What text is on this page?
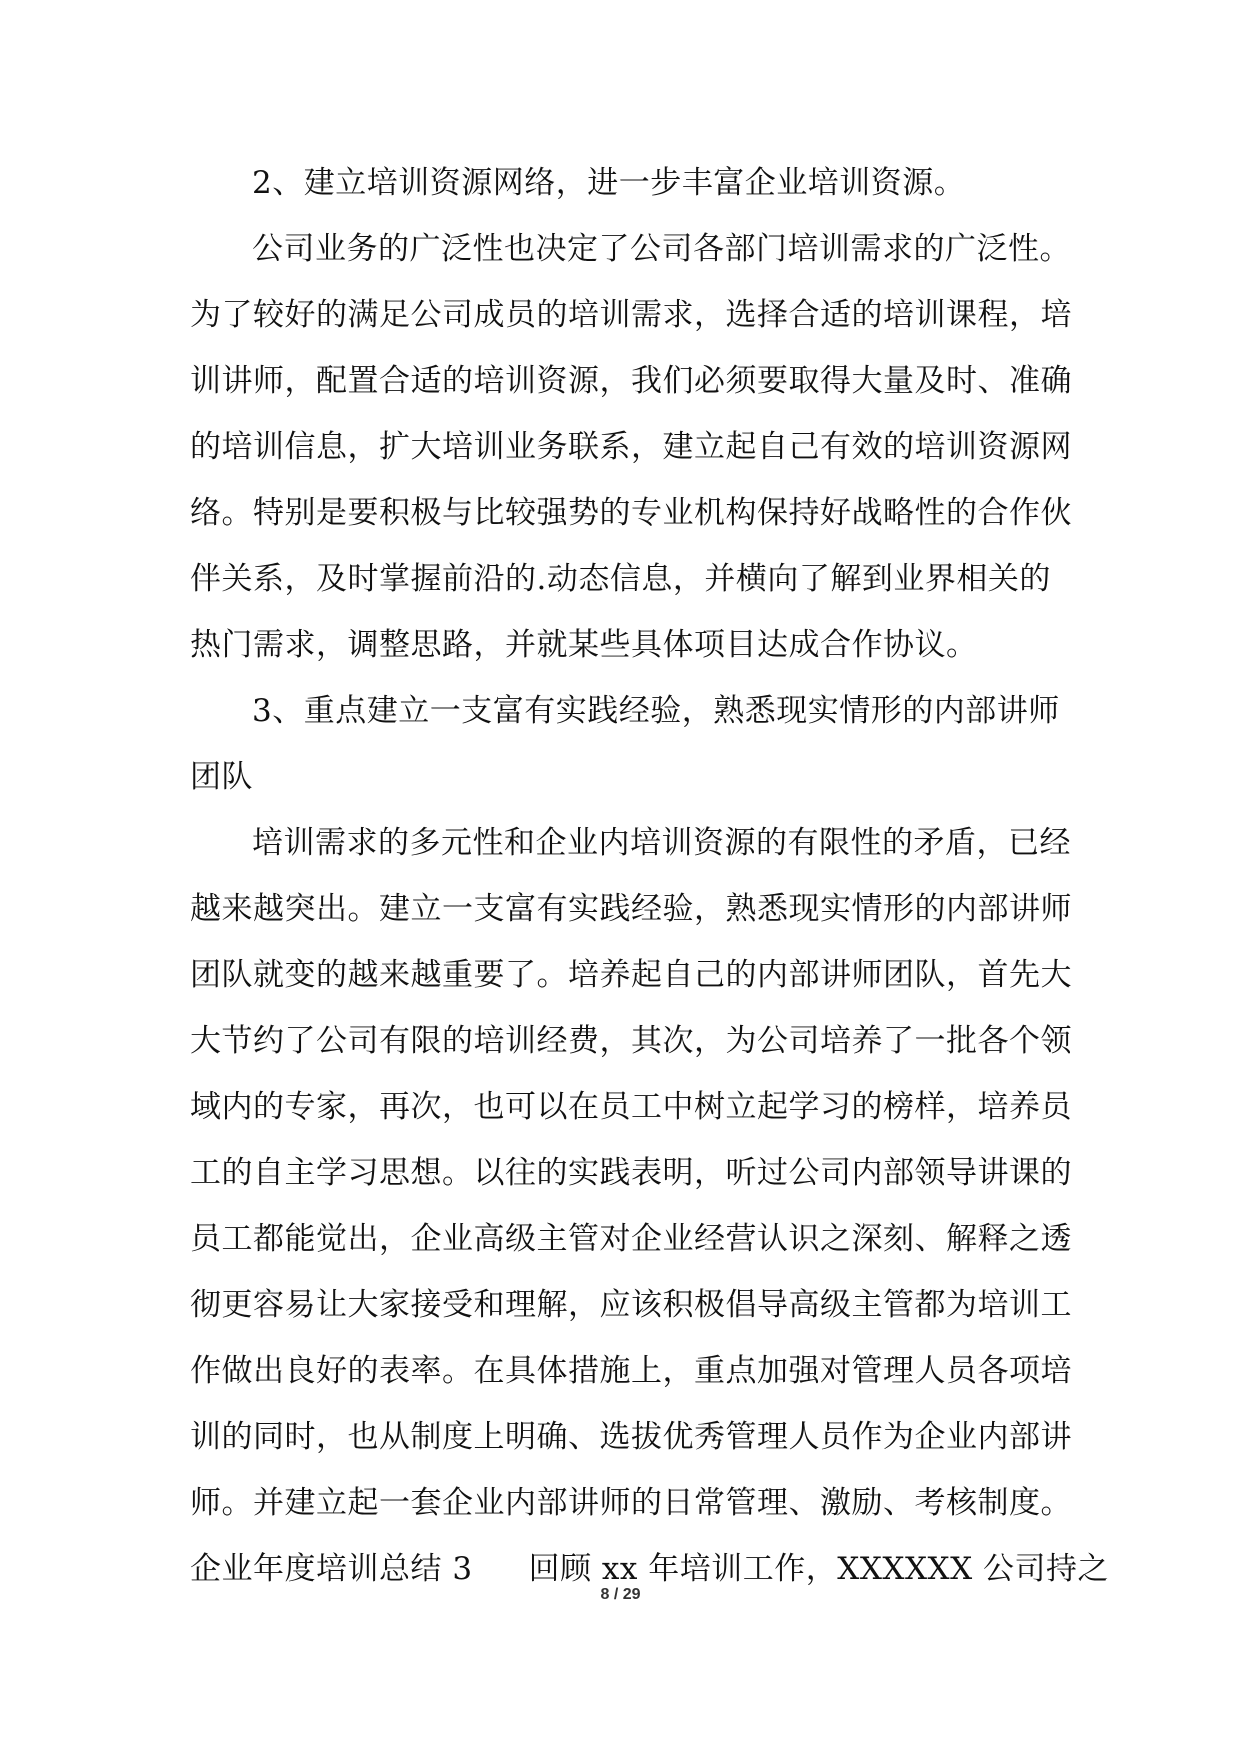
2、建立培训资源网络，进一步丰富企业培训资源。
公司业务的广泛性也决定了公司各部门培训需求的广泛性。
为了较好的满足公司成员的培训需求，选择合适的培训课程，培
训讲师，配置合适的培训资源，我们必须要取得大量及时、准确
的培训信息，扩大培训业务联系，建立起自己有效的培训资源网
络。特别是要积极与比较强势的专业机构保持好战略性的合作伙
伴关系，及时掌握前沿的.动态信息，并横向了解到业界相关的
热门需求，调整思路，并就某些具体项目达成合作协议。
3、重点建立一支富有实践经验，熟悉现实情形的内部讲师
团队
培训需求的多元性和企业内培训资源的有限性的矛盾，已经
越来越突出。建立一支富有实践经验，熟悉现实情形的内部讲师
团队就变的越来越重要了。培养起自己的内部讲师团队，首先大
大节约了公司有限的培训经费，其次，为公司培养了一批各个领
域内的专家，再次，也可以在员工中树立起学习的榜样，培养员
工的自主学习思想。以往的实践表明，听过公司内部领导讲课的
员工都能觉出，企业高级主管对企业经营认识之深刻、解释之透
彻更容易让大家接受和理解，应该积极倡导高级主管都为培训工
作做出良好的表率。在具体措施上，重点加强对管理人员各项培
训的同时，也从制度上明确、选拔优秀管理人员作为企业内部讲
师。并建立起一套企业内部讲师的日常管理、激励、考核制度。
企业年度培训总结 3 回顾 xx 年培训工作，XXXXXX 公司持之
8 / 29
